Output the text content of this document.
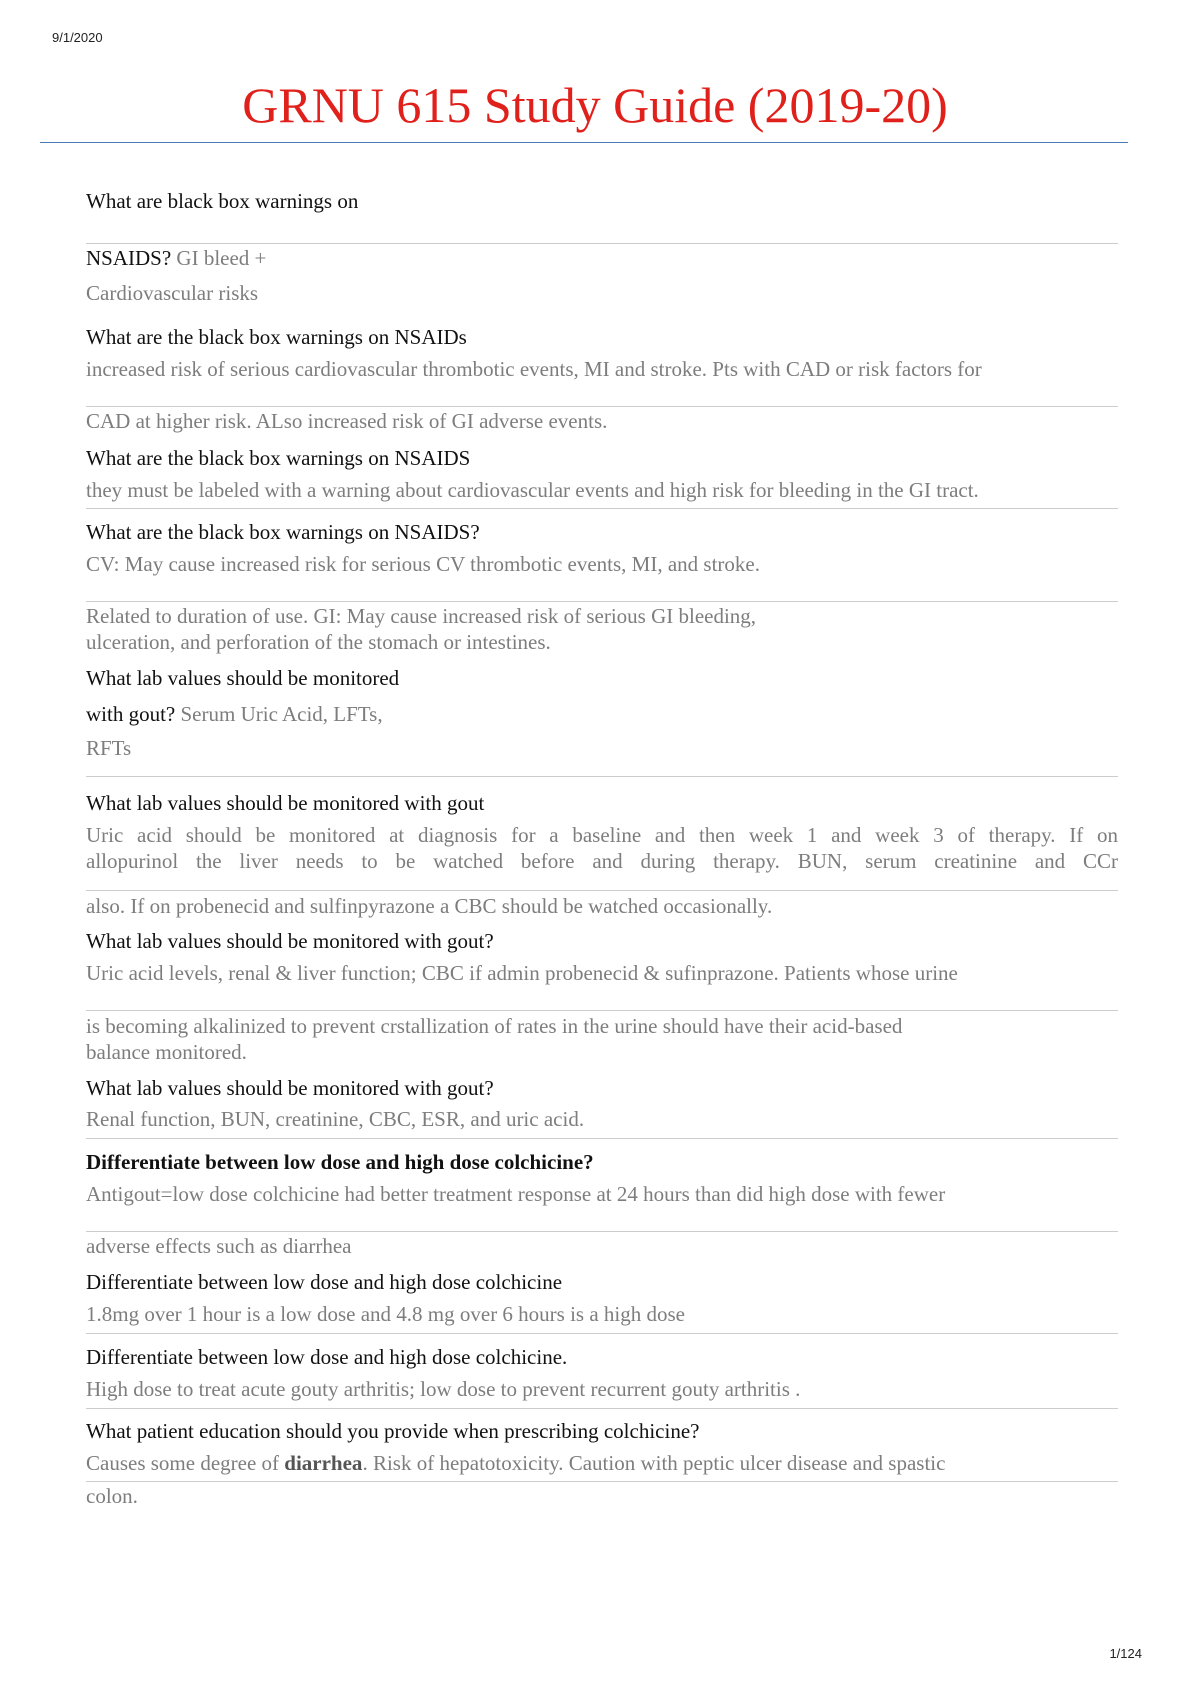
9/1/2020
GRNU 615 Study Guide (2019-20)
What are black box warnings on
NSAIDS? GI bleed +
Cardiovascular risks
What are the black box warnings on NSAIDs
increased risk of serious cardiovascular thrombotic events, MI and stroke. Pts with CAD or risk factors for
CAD at higher risk. ALso increased risk of GI adverse events.
What are the black box warnings on NSAIDS
they must be labeled with a warning about cardiovascular events and high risk for bleeding in the GI tract.
What are the black box warnings on NSAIDS?
CV: May cause increased risk for serious CV thrombotic events, MI, and stroke.
Related to duration of use. GI: May cause increased risk of serious GI bleeding,
ulceration, and perforation of the stomach or intestines.
What lab values should be monitored
with gout? Serum Uric Acid, LFTs,
RFTs
What lab values should be monitored with gout
Uric acid should be monitored at diagnosis for a baseline and then week 1 and week 3 of therapy. If on
allopurinol the liver needs to be watched before and during therapy. BUN, serum creatinine and CCr
also. If on probenecid and sulfinpyrazone a CBC should be watched occasionally.
What lab values should be monitored with gout?
Uric acid levels, renal & liver function; CBC if admin probenecid & sufinprazone. Patients whose urine
is becoming alkalinized to prevent crstallization of rates in the urine should have their acid-based
balance monitored.
What lab values should be monitored with gout?
Renal function, BUN, creatinine, CBC, ESR, and uric acid.
Differentiate between low dose and high dose colchicine?
Antigout=low dose colchicine had better treatment response at 24 hours than did high dose with fewer
adverse effects such as diarrhea
Differentiate between low dose and high dose colchicine
1.8mg over 1 hour is a low dose and 4.8 mg over 6 hours is a high dose
Differentiate between low dose and high dose colchicine.
High dose to treat acute gouty arthritis; low dose to prevent recurrent gouty arthritis .
What patient education should you provide when prescribing colchicine?
Causes some degree of diarrhea. Risk of hepatotoxicity. Caution with peptic ulcer disease and spastic
colon.
1/124
